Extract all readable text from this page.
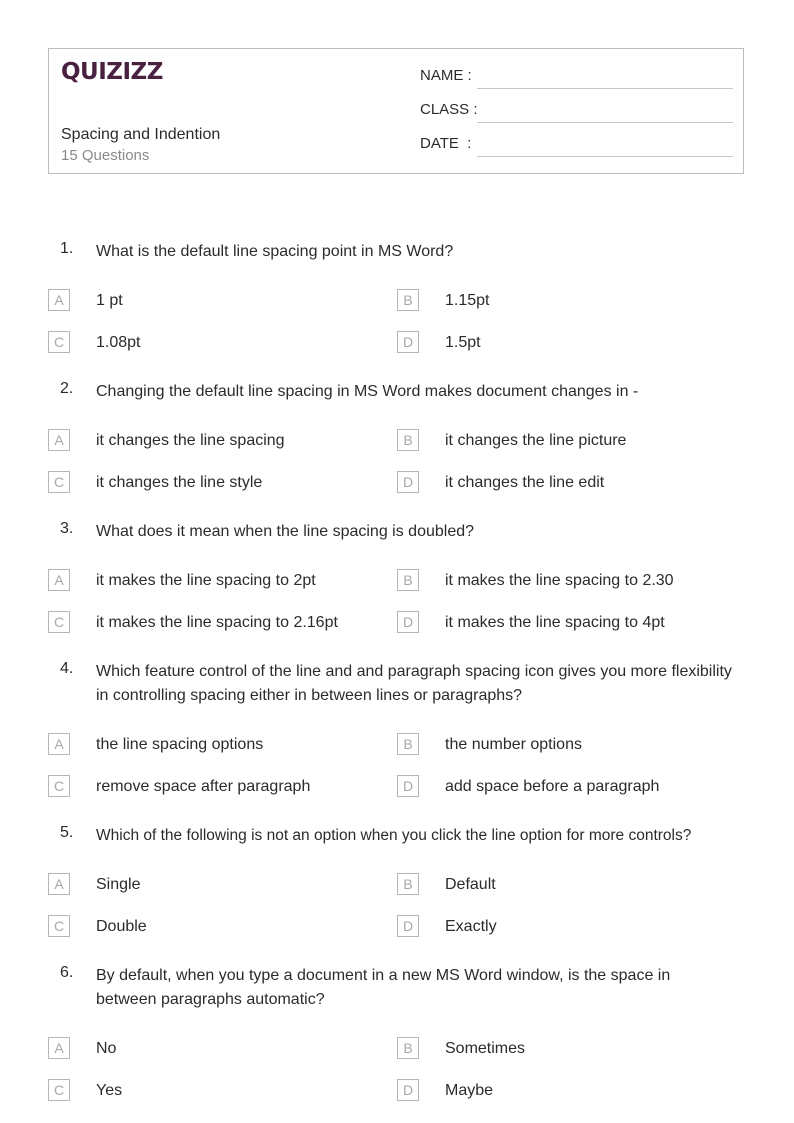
QUIZIZZ
Spacing and Indention
15 Questions
NAME :
CLASS :
DATE  :
1. What is the default line spacing point in MS Word?
A	1 pt	B	1.15pt
C	1.08pt	D	1.5pt
2. Changing the default line spacing in MS Word makes document changes in -
A	it changes the line spacing	B	it changes the line picture
C	it changes the line style	D	it changes the line edit
3. What does it mean when the line spacing is doubled?
A	it makes the line spacing to 2pt	B	it makes the line spacing to 2.30
C	it makes the line spacing to 2.16pt	D	it makes the line spacing to 4pt
4. Which feature control of the line and and paragraph spacing icon gives you more flexibility in controlling spacing either in between lines or paragraphs?
A	the line spacing options	B	the number options
C	remove space after paragraph	D	add space before a paragraph
5. Which of the following is not an option when you click the line option for more controls?
A	Single	B	Default
C	Double	D	Exactly
6. By default, when you type a document in a new MS Word window, is the space in between paragraphs automatic?
A	No	B	Sometimes
C	Yes	D	Maybe
